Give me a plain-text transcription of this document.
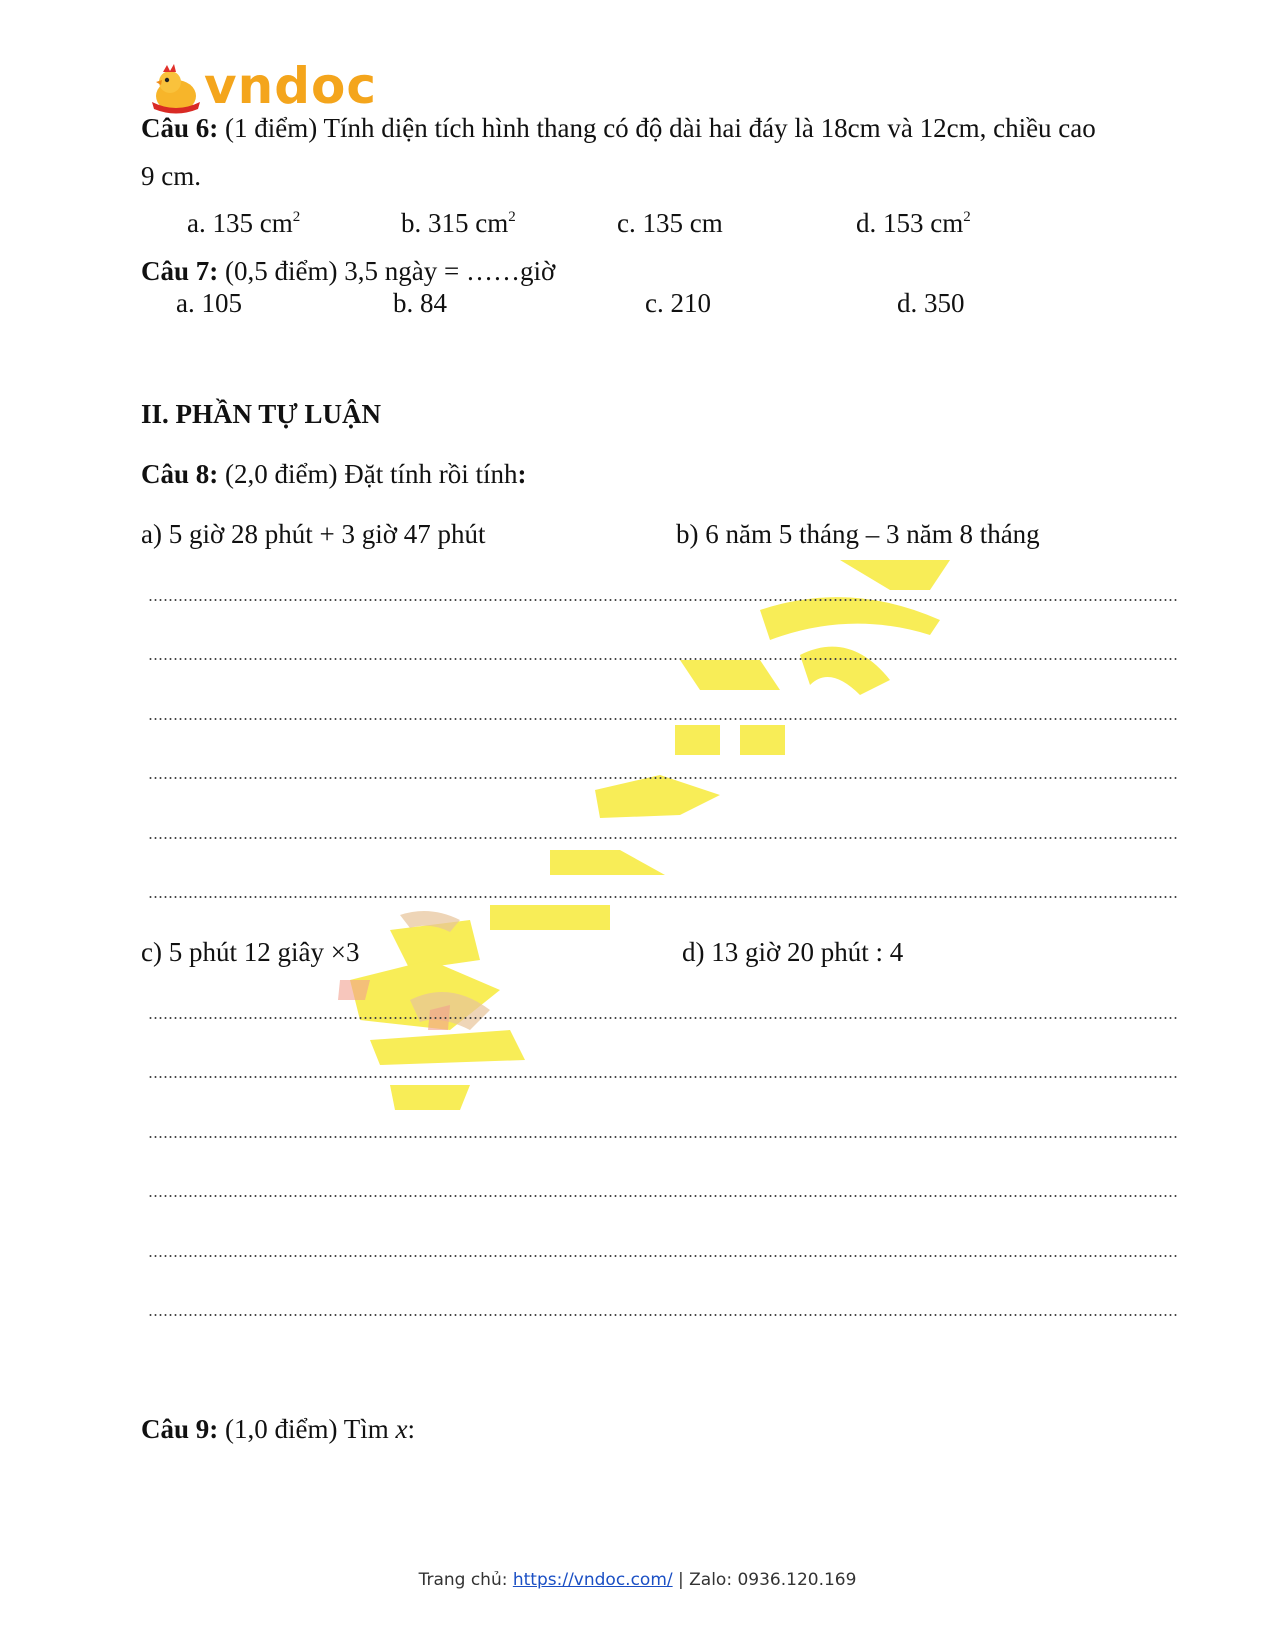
vndoc
Câu 6: (1 điểm) Tính diện tích hình thang có độ dài hai đáy là 18cm và 12cm, chiều cao
9 cm.
a. 135 $cm^2$	b. 315 $cm^2$	c. 135 cm	d. 153 $cm^2$
Câu 7: (0,5 điểm) 3,5 ngày = ……giờ
a. 105	b. 84	c. 210	d. 350
II. PHẦN TỰ LUẬN
Câu 8: (2,0 điểm) Đặt tính rồi tính:
a) 5 giờ 28 phút + 3 giờ 47 phút	b) 6 năm 5 tháng – 3 năm 8 tháng
c) 5 phút 12 giây ×3	d) 13 giờ 20 phút : 4
Câu 9: (1,0 điểm) Tìm x:
Trang chủ: https://vndoc.com/ | Zalo: 0936.120.169
